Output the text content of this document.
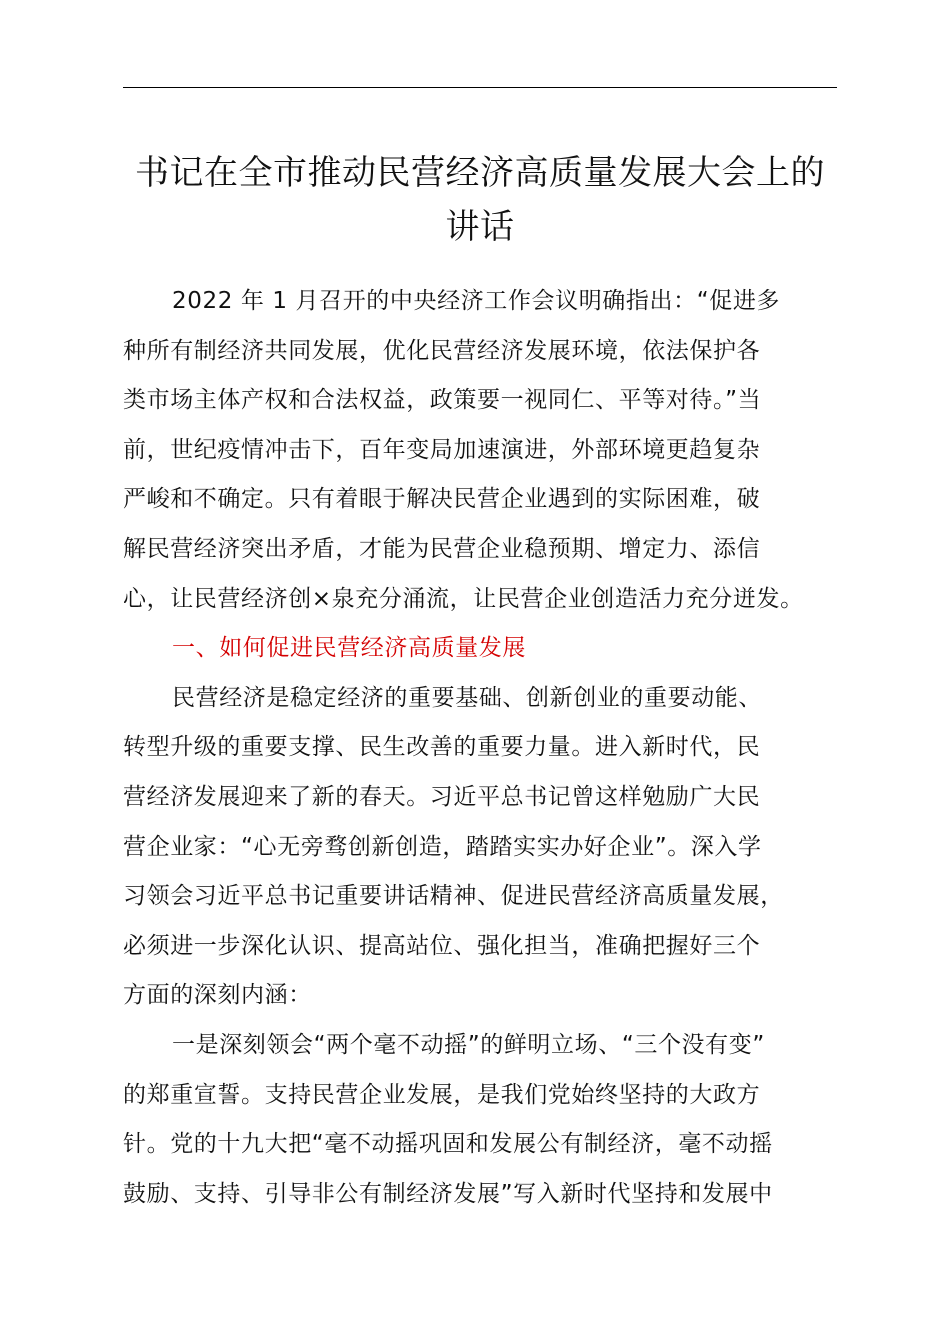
书记在全市推动民营经济高质量发展大会上的
讲话
2022 年 1 月召开的中央经济工作会议明确指出：“促进多
种所有制经济共同发展，优化民营经济发展环境，依法保护各
类市场主体产权和合法权益，政策要一视同仁、平等对待。”当
前，世纪疫情冲击下，百年变局加速演进，外部环境更趋复杂
严峻和不确定。只有着眼于解决民营企业遇到的实际困难，破
解民营经济突出矛盾，才能为民营企业稳预期、增定力、添信
心，让民营经济创×泉充分涌流，让民营企业创造活力充分迸发。
一、如何促进民营经济高质量发展
民营经济是稳定经济的重要基础、创新创业的重要动能、
转型升级的重要支撑、民生改善的重要力量。进入新时代，民
营经济发展迎来了新的春天。习近平总书记曾这样勉励广大民
营企业家：“心无旁骛创新创造，踏踏实实办好企业”。深入学
习领会习近平总书记重要讲话精神、促进民营经济高质量发展，
必须进一步深化认识、提高站位、强化担当，准确把握好三个
方面的深刻内涵：
一是深刻领会“两个毫不动摇”的鲜明立场、“三个没有变”
的郑重宣誓。支持民营企业发展，是我们党始终坚持的大政方
针。党的十九大把“毫不动摇巩固和发展公有制经济，毫不动摇
鼓励、支持、引导非公有制经济发展”写入新时代坚持和发展中
